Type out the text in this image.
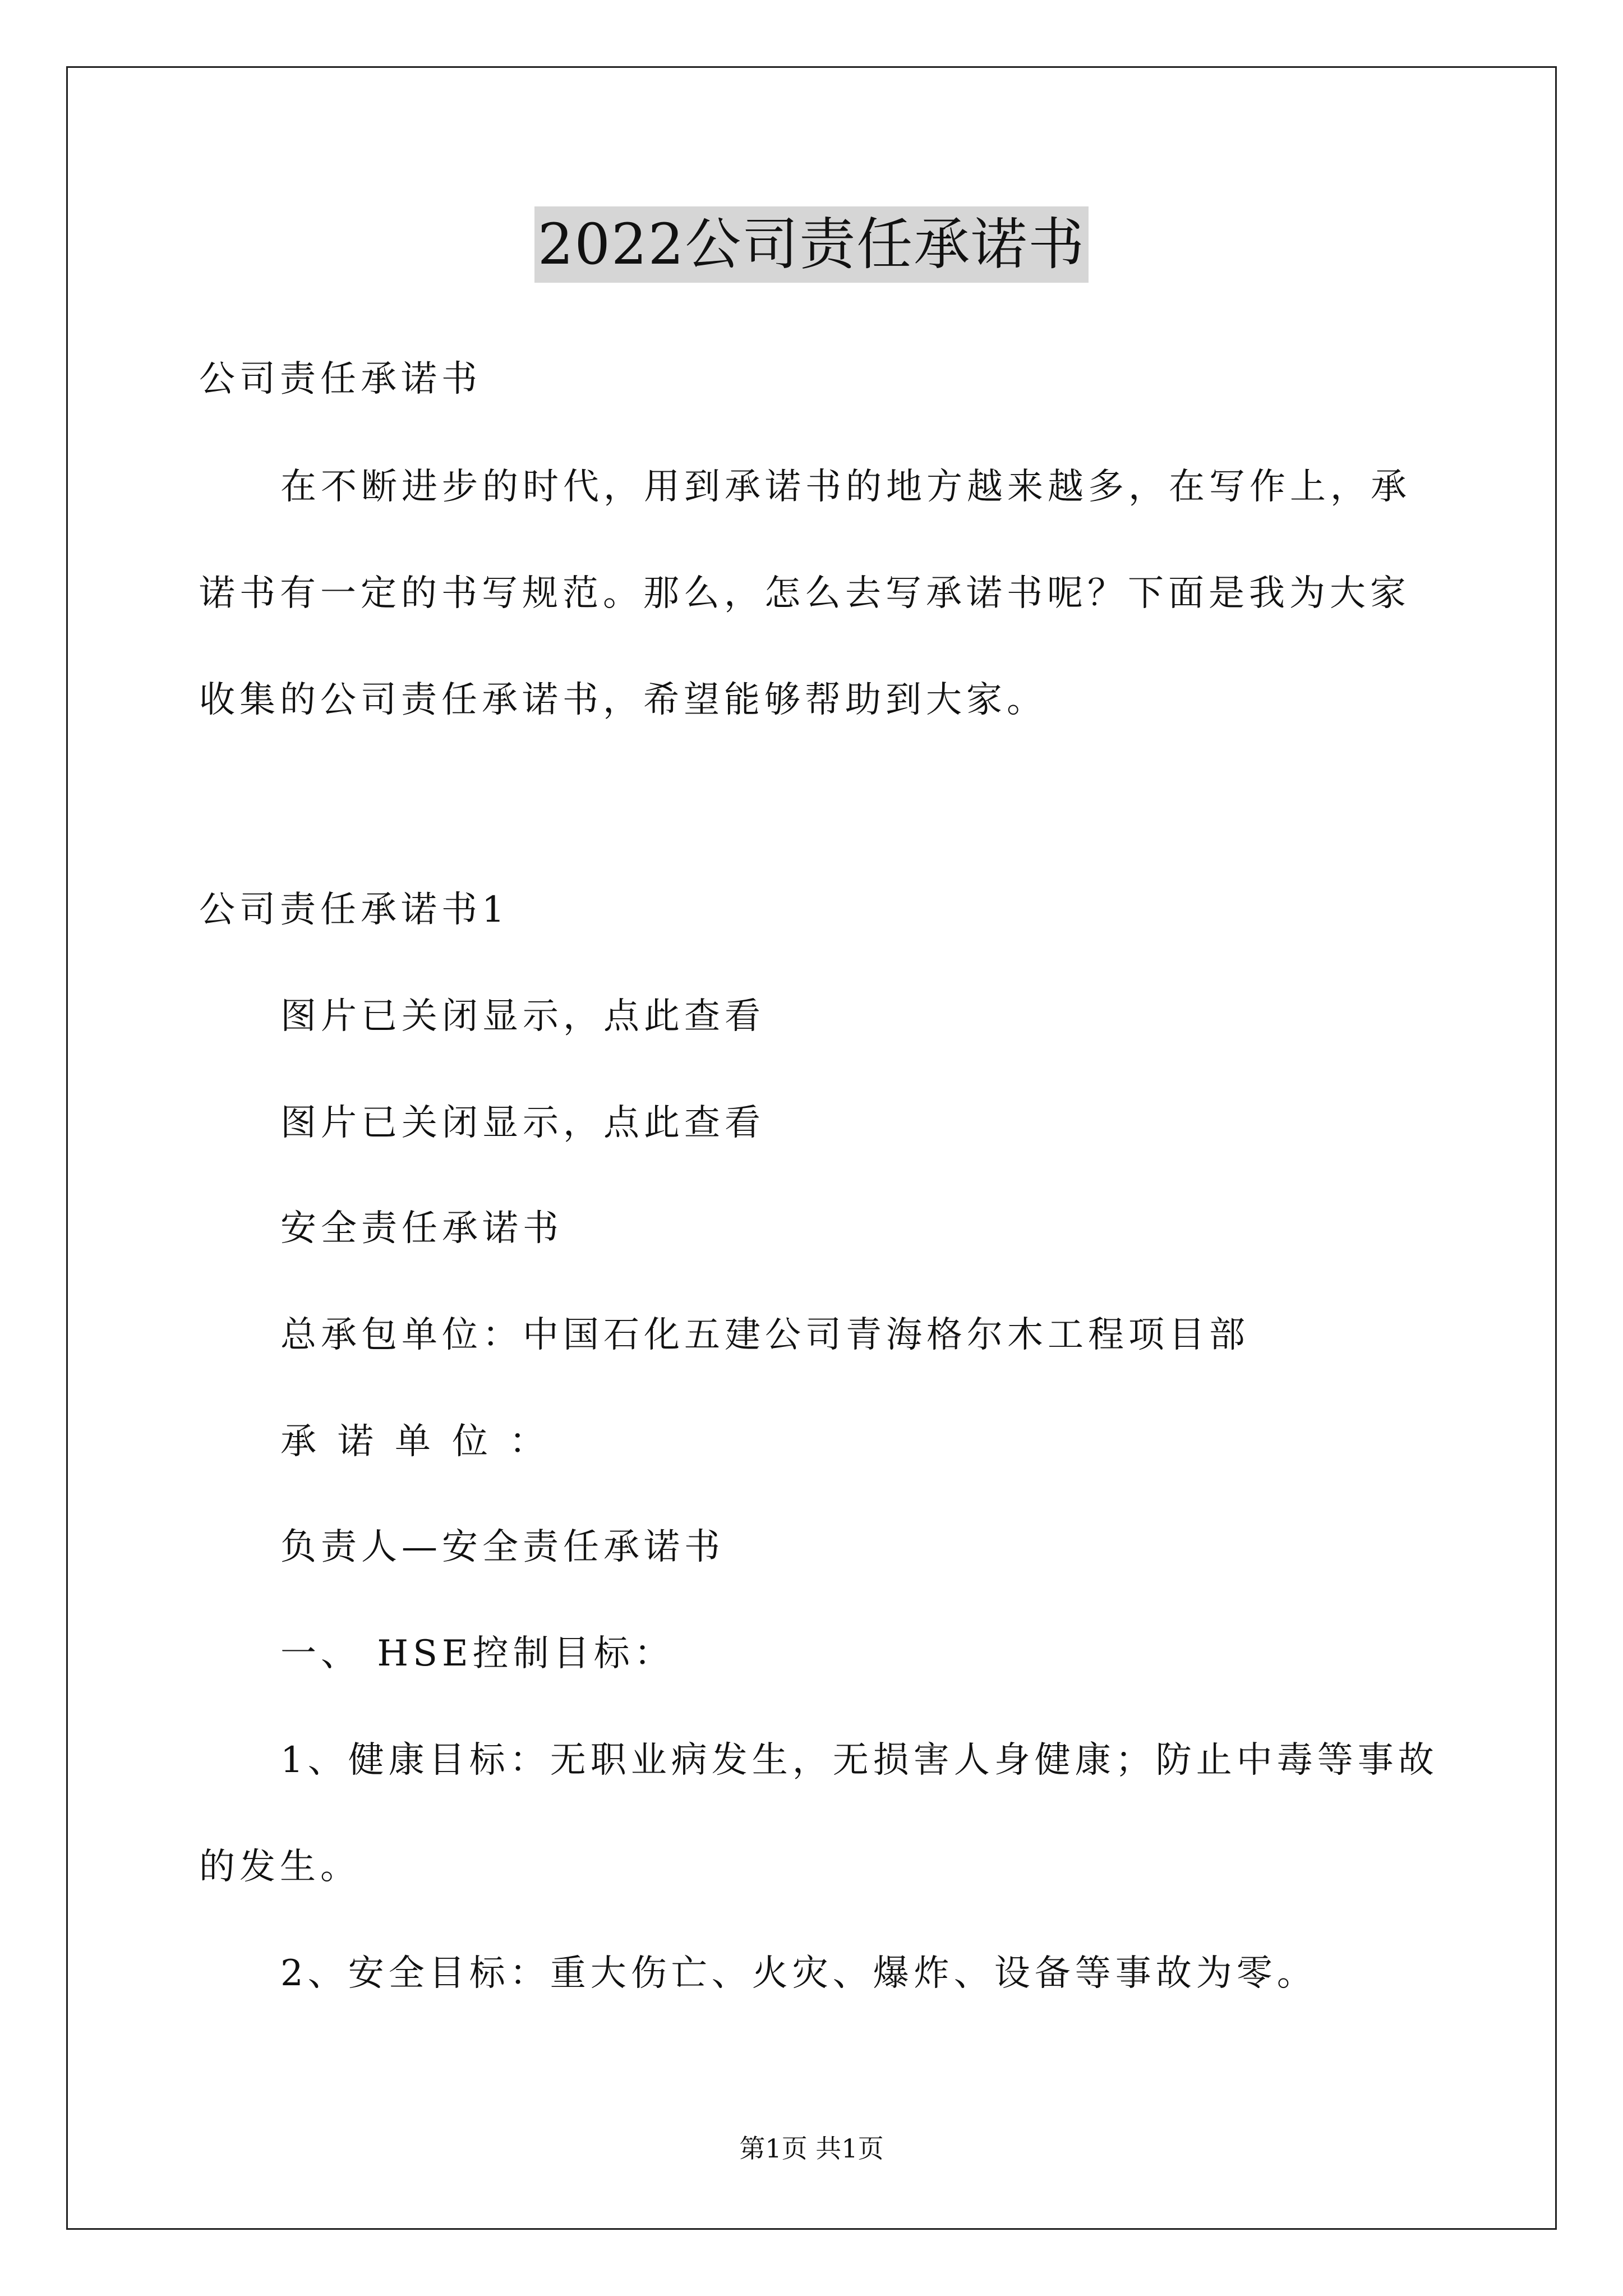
2022公司责任承诺书
公司责任承诺书
在不断进步的时代，用到承诺书的地方越来越多，在写作上，承
诺书有一定的书写规范。那么，怎么去写承诺书呢？下面是我为大家
收集的公司责任承诺书，希望能够帮助到大家。
公司责任承诺书1
图片已关闭显示，点此查看
图片已关闭显示，点此查看
安全责任承诺书
总承包单位：中国石化五建公司青海格尔木工程项目部
承诺单位：
负责人—安全责任承诺书
一、 HSE控制目标：
1、健康目标：无职业病发生，无损害人身健康；防止中毒等事故
的发生。
2、安全目标：重大伤亡、火灾、爆炸、设备等事故为零。
第1页 共1页
